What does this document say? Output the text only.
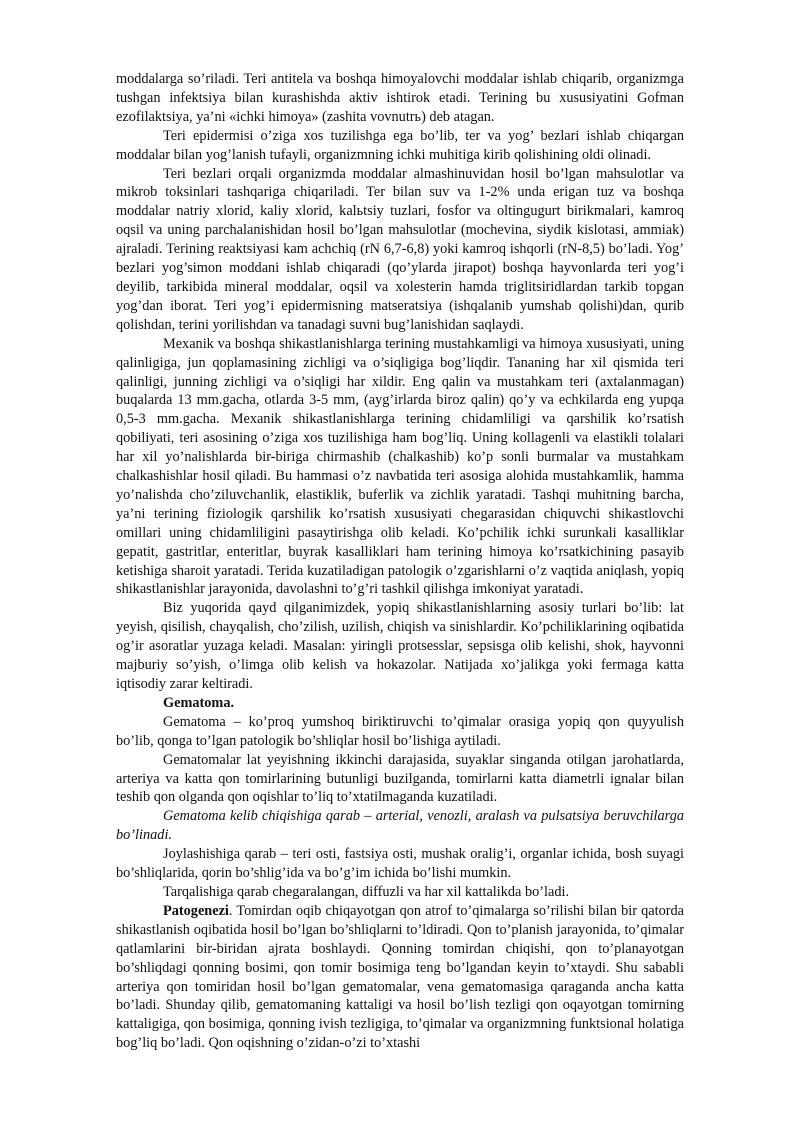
moddalarga so’riladi. Teri antitela va boshqa himoyalovchi moddalar ishlab chiqarib, organizmga tushgan infektsiya bilan kurashishda aktiv ishtirok etadi. Terining bu xususiyatini Gofman ezofilaktsiya, ya’ni «ichki himoya» (zashita vovnutrь) deb atagan.

Teri epidermisi o’ziga xos tuzilishga ega bo’lib, ter va yog’ bezlari ishlab chiqargan moddalar bilan yog’lanish tufayli, organizmning ichki muhitiga kirib qolishining oldi olinadi.

Teri bezlari orqali organizmda moddalar almashinuvidan hosil bo’lgan mahsulotlar va mikrob toksinlari tashqariga chiqariladi. Ter bilan suv va 1-2% unda erigan tuz va boshqa moddalar natriy xlorid, kaliy xlorid, kalьtsiy tuzlari, fosfor va oltingugurt birikmalari, kamroq oqsil va uning parchalanishidan hosil bo’lgan mahsulotlar (mochevina, siydik kislotasi, ammiak) ajraladi. Terining reaktsiyasi kam achchiq (rN 6,7-6,8) yoki kamroq ishqorli (rN-8,5) bo’ladi. Yog’ bezlari yog’simon moddani ishlab chiqaradi (qo’ylarda jirapot) boshqa hayvonlarda teri yog’i deyilib, tarkibida mineral moddalar, oqsil va xolesterin hamda triglitsiridlardan tarkib topgan yog’dan iborat. Teri yog’i epidermisning matseratsiya (ishqalanib yumshab qolishi)dan, qurib qolishdan, terini yorilishdan va tanadagi suvni bug’lanishidan saqlaydi.

Mexanik va boshqa shikastlanishlarga terining mustahkamligi va himoya xususiyati, uning qalinligiga, jun qoplamasining zichligi va o’siqligiga bog’liqdir. Tananing har xil qismida teri qalinligi, junning zichligi va o’siqligi har xildir. Eng qalin va mustahkam teri (axtalanmagan) buqalarda 13 mm.gacha, otlarda 3-5 mm, (ayg’irlarda biroz qalin) qo’y va echkilarda eng yupqa 0,5-3 mm.gacha. Mexanik shikastlanishlarga terining chidamliligi va qarshilik ko’rsatish qobiliyati, teri asosining o’ziga xos tuzilishiga ham bog’liq. Uning kollagenli va elastikli tolalari har xil yo’nalishlarda bir-biriga chirmashib (chalkashib) ko’p sonli burmalar va mustahkam chalkashishlar hosil qiladi. Bu hammasi o’z navbatida teri asosiga alohida mustahkamlik, hamma yo’nalishda cho’ziluvchanlik, elastiklik, buferlik va zichlik yaratadi. Tashqi muhitning barcha, ya’ni terining fiziologik qarshilik ko’rsatish xususiyati chegarasidan chiquvchi shikastlovchi omillari uning chidamliligini pasaytirishga olib keladi. Ko’pchilik ichki surunkali kasalliklar gepatit, gastritlar, enteritlar, buyrak kasalliklari ham terining himoya ko’rsatkichining pasayib ketishiga sharoit yaratadi. Terida kuzatiladigan patologik o’zgarishlarni o’z vaqtida aniqlash, yopiq shikastlanishlar jarayonida, davolashni to’g’ri tashkil qilishga imkoniyat yaratadi.

Biz yuqorida qayd qilganimizdek, yopiq shikastlanishlarning asosiy turlari bo’lib: lat yeyish, qisilish, chayqalish, cho’zilish, uzilish, chiqish va sinishlardir. Ko’pchiliklarining oqibatida og’ir asoratlar yuzaga keladi. Masalan: yiringli protsesslar, sepsisga olib kelishi, shok, hayvonni majburiy so’yish, o’limga olib kelish va hokazolar. Natijada xo’jalikga yoki fermaga katta iqtisodiy zarar keltiradi.

Gematoma.

Gematoma – ko’proq yumshoq biriktiruvchi to’qimalar orasiga yopiq qon quyyulish bo’lib, qonga to’lgan patologik bo’shliqlar hosil bo’lishiga aytiladi.

Gematomalar lat yeyishning ikkinchi darajasida, suyaklar singanda otilgan jarohatlarda, arteriya va katta qon tomirlarining butunligi buzilganda, tomirlarni katta diametrli ignalar bilan teshib qon olganda qon oqishlar to’liq to’xtatilmaganda kuzatiladi.

Gematoma kelib chiqishiga qarab – arterial, venozli, aralash va pulsatsiya beruvchilarga bo’linadi.

Joylashishiga qarab – teri osti, fastsiya osti, mushak oralig’i, organlar ichida, bosh suyagi bo’shliqlarida, qorin bo’shlig’ida va bo’g’im ichida bo’lishi mumkin.

Tarqalishiga qarab chegaralangan, diffuzli va har xil kattalikda bo’ladi.

Patogenezi. Tomirdan oqib chiqayotgan qon atrof to’qimalarga so’rilishi bilan bir qatorda shikastlanish oqibatida hosil bo’lgan bo’shliqlarni to’ldiradi. Qon to’planish jarayonida, to’qimalar qatlamlarini bir-biridan ajrata boshlaydi. Qonning tomirdan chiqishi, qon to’planayotgan bo’shliqdagi qonning bosimi, qon tomir bosimiga teng bo’lgandan keyin to’xtaydi. Shu sababli arteriya qon tomiridan hosil bo’lgan gematomalar, vena gematomasiga qaraganda ancha katta bo’ladi. Shunday qilib, gematomaning kattaligi va hosil bo’lish tezligi qon oqayotgan tomirning kattaligiga, qon bosimiga, qonning ivish tezligiga, to’qimalar va organizmning funktsional holatiga bog’liq bo’ladi. Qon oqishning o’zidan-o’zi to’xtashi
